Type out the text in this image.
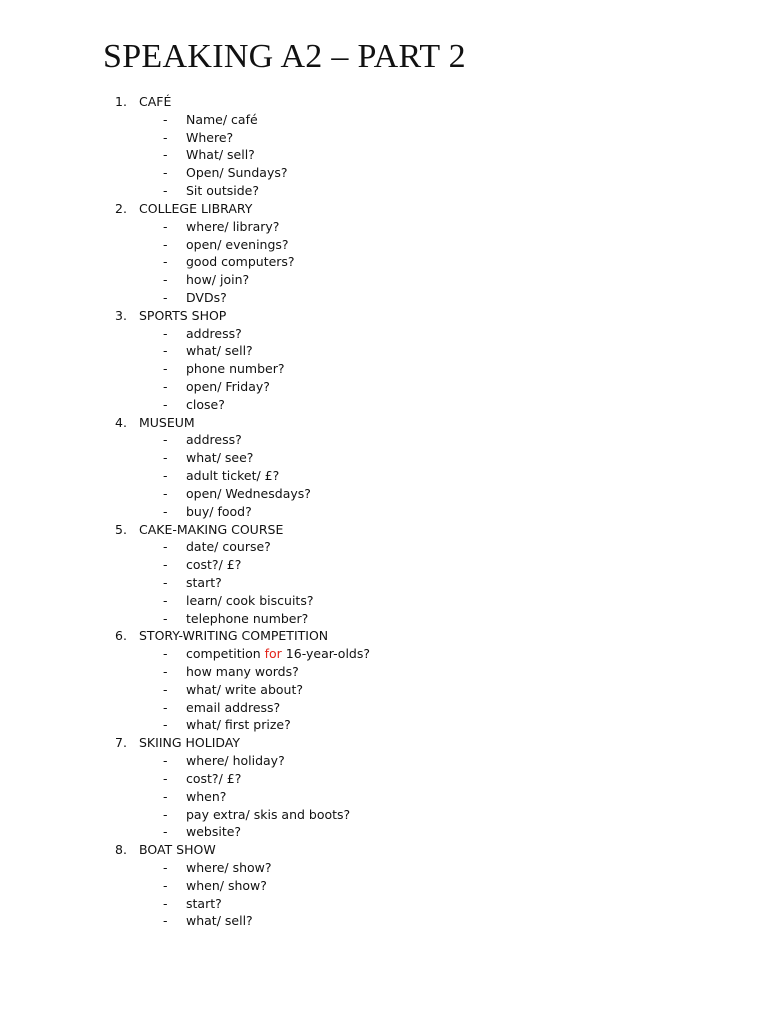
SPEAKING A2 – PART 2
1. CAFÉ
- Name/ café
- Where?
- What/ sell?
- Open/ Sundays?
- Sit outside?
2. COLLEGE LIBRARY
- where/ library?
- open/ evenings?
- good computers?
- how/ join?
- DVDs?
3. SPORTS SHOP
- address?
- what/ sell?
- phone number?
- open/ Friday?
- close?
4. MUSEUM
- address?
- what/ see?
- adult ticket/ £?
- open/ Wednesdays?
- buy/ food?
5. CAKE-MAKING COURSE
- date/ course?
- cost?/ £?
- start?
- learn/ cook biscuits?
- telephone number?
6. STORY-WRITING COMPETITION
- competition for 16-year-olds?
- how many words?
- what/ write about?
- email address?
- what/ first prize?
7. SKIING HOLIDAY
- where/ holiday?
- cost?/ £?
- when?
- pay extra/ skis and boots?
- website?
8. BOAT SHOW
- where/ show?
- when/ show?
- start?
- what/ sell?
